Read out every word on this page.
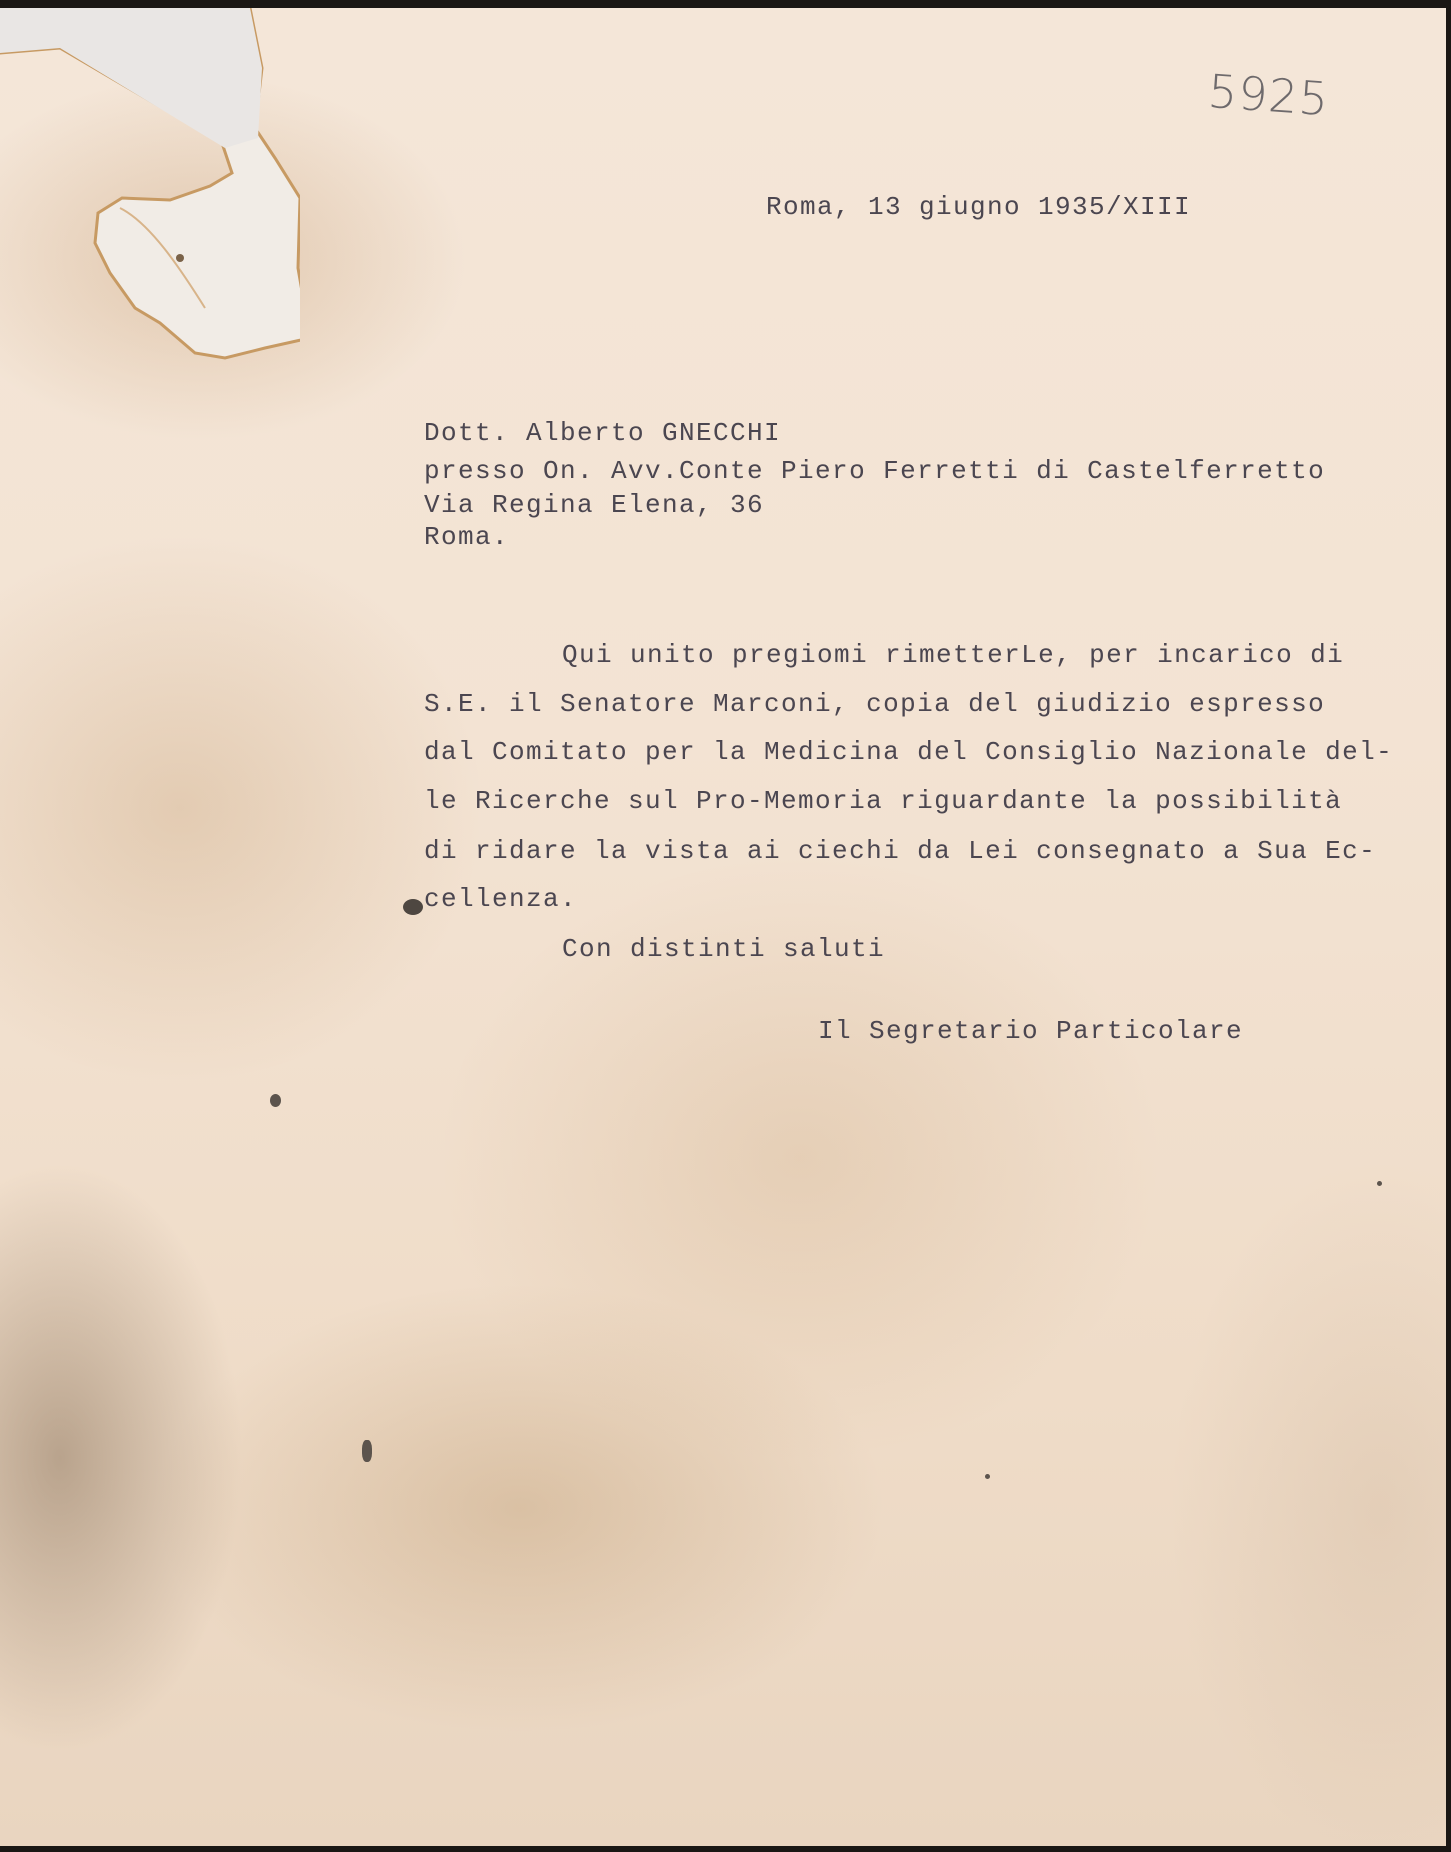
5925

Roma, 13 giugno 1935/XIII

Dott. Alberto GNECCHI

presso On. Avv.Conte Piero Ferretti di Castelferretto

Via Regina Elena, 36

Roma.

Qui unito pregiomi rimetterLe, per incarico di

S.E. il Senatore Marconi, copia del giudizio espresso

dal Comitato per la Medicina del Consiglio Nazionale del-

le Ricerche sul Pro-Memoria riguardante la possibilità

di ridare la vista ai ciechi da Lei consegnato a Sua Ec-

cellenza.

Con distinti saluti

Il Segretario Particolare
